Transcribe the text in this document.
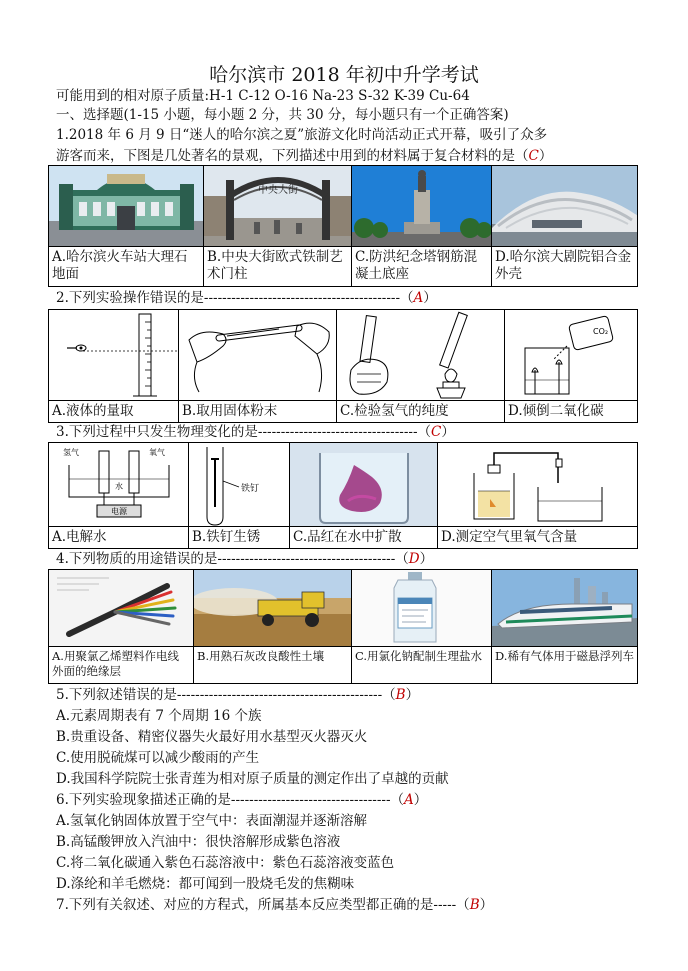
哈尔滨市 2018 年初中升学考试
可能用到的相对原子质量:H-1 C-12 O-16 Na-23 S-32 K-39 Cu-64
一、选择题(1-15 小题，每小题 2 分，共 30 分，每小题只有一个正确答案)
1.2018 年 6 月 9 日“迷人的哈尔滨之夏”旅游文化时尚活动正式开幕，吸引了众多
游客而来，下图是几处著名的景观，下列描述中用到的材料属于复合材料的是（C）

中央大街

A.哈尔滨火车站大理石地面	B.中央大街欧式铁制艺术门柱	C.防洪纪念塔钢筋混凝土底座	D.哈尔滨大剧院铝合金外壳
2.下列实验操作错误的是-------------------------------------------（A）

CO₂

A.液体的量取	B.取用固体粉末	C.检验氢气的纯度	D.倾倒二氧化碳
3.下列过程中只发生物理变化的是-----------------------------------（C）
氢气 氧气
水
电源	铁钉

A.电解水	B.铁钉生锈	C.品红在水中扩散	D.测定空气里氧气含量
4.下列物质的用途错误的是---------------------------------------（D）

A.用聚氯乙烯塑料作电线外面的绝缘层	B.用熟石灰改良酸性土壤	C.用氯化钠配制生理盐水	D.稀有气体用于磁悬浮列车
5.下列叙述错误的是---------------------------------------------（B）
A.元素周期表有 7 个周期 16 个族
B.贵重设备、精密仪器失火最好用水基型灭火器灭火
C.使用脱硫煤可以减少酸雨的产生
D.我国科学院院士张青莲为相对原子质量的测定作出了卓越的贡献
6.下列实验现象描述正确的是-----------------------------------（A）
A.氢氧化钠固体放置于空气中：表面潮湿并逐渐溶解
B.高锰酸钾放入汽油中：很快溶解形成紫色溶液
C.将二氧化碳通入紫色石蕊溶液中：紫色石蕊溶液变蓝色
D.涤纶和羊毛燃烧：都可闻到一股烧毛发的焦糊味
7.下列有关叙述、对应的方程式，所属基本反应类型都正确的是-----（B）
